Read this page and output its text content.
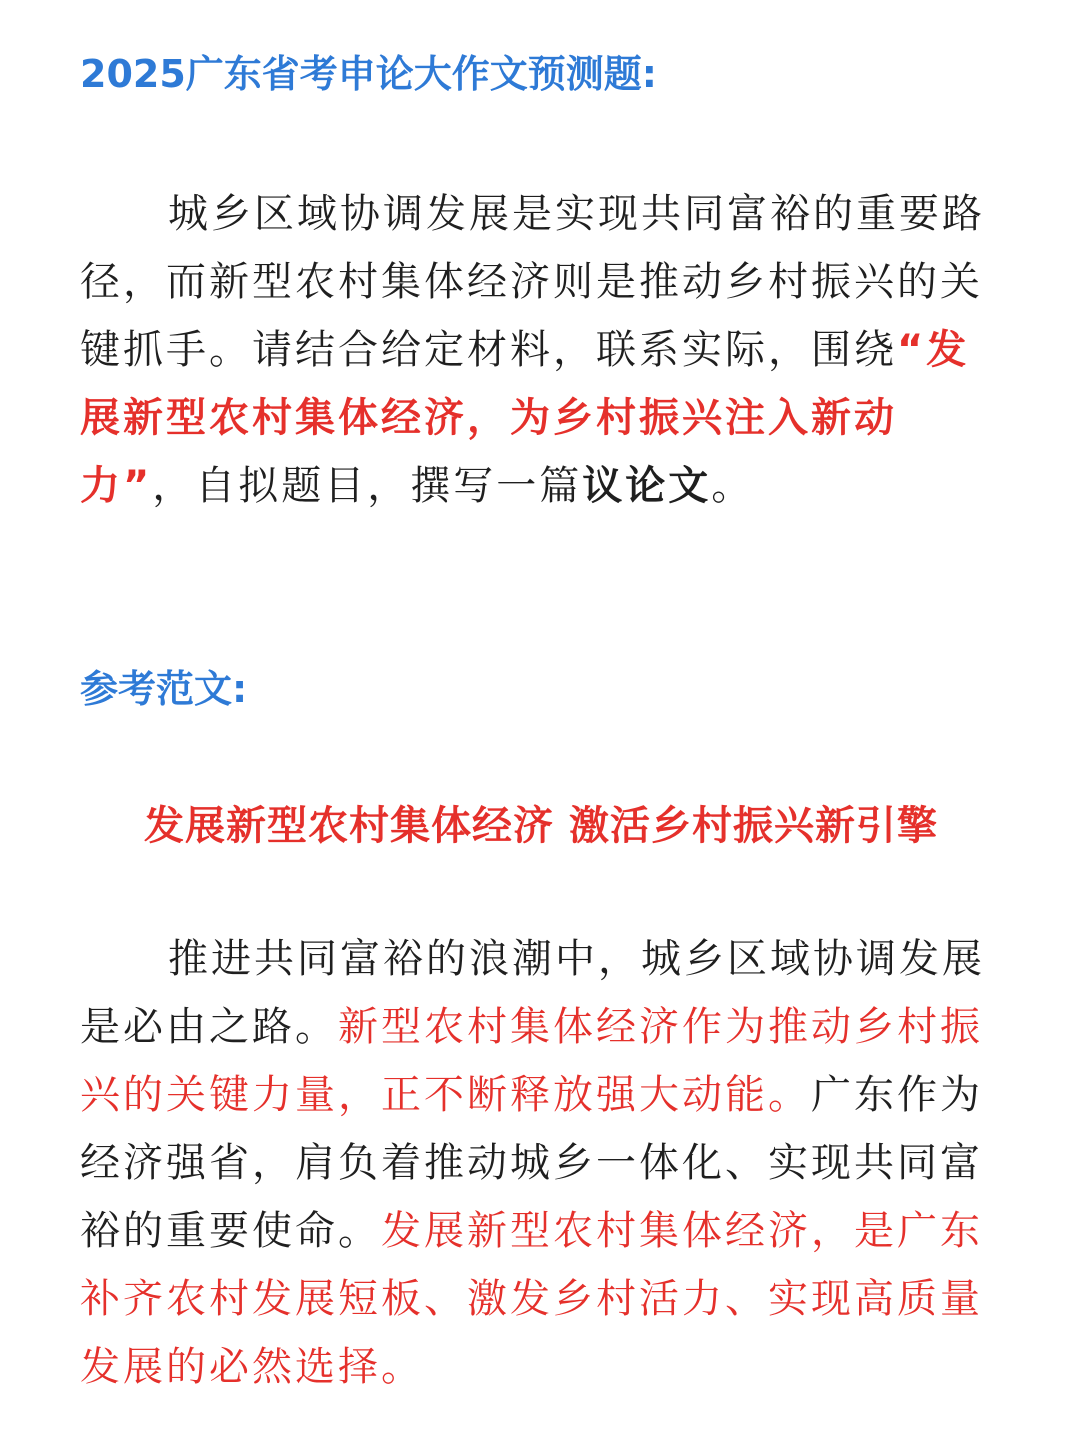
2025广东省考申论大作文预测题:

城乡区域协调发展是实现共同富裕的重要路径，而新型农村集体经济则是推动乡村振兴的关键抓手。请结合给定材料，联系实际，围绕“发展新型农村集体经济，为乡村振兴注入新动力”，自拟题目，撰写一篇议论文。

参考范文:
发展新型农村集体经济 激活乡村振兴新引擎

推进共同富裕的浪潮中，城乡区域协调发展是必由之路。新型农村集体经济作为推动乡村振兴的关键力量，正不断释放强大动能。广东作为经济强省，肩负着推动城乡一体化、实现共同富裕的重要使命。发展新型农村集体经济，是广东补齐农村发展短板、激发乡村活力、实现高质量发展的必然选择。
